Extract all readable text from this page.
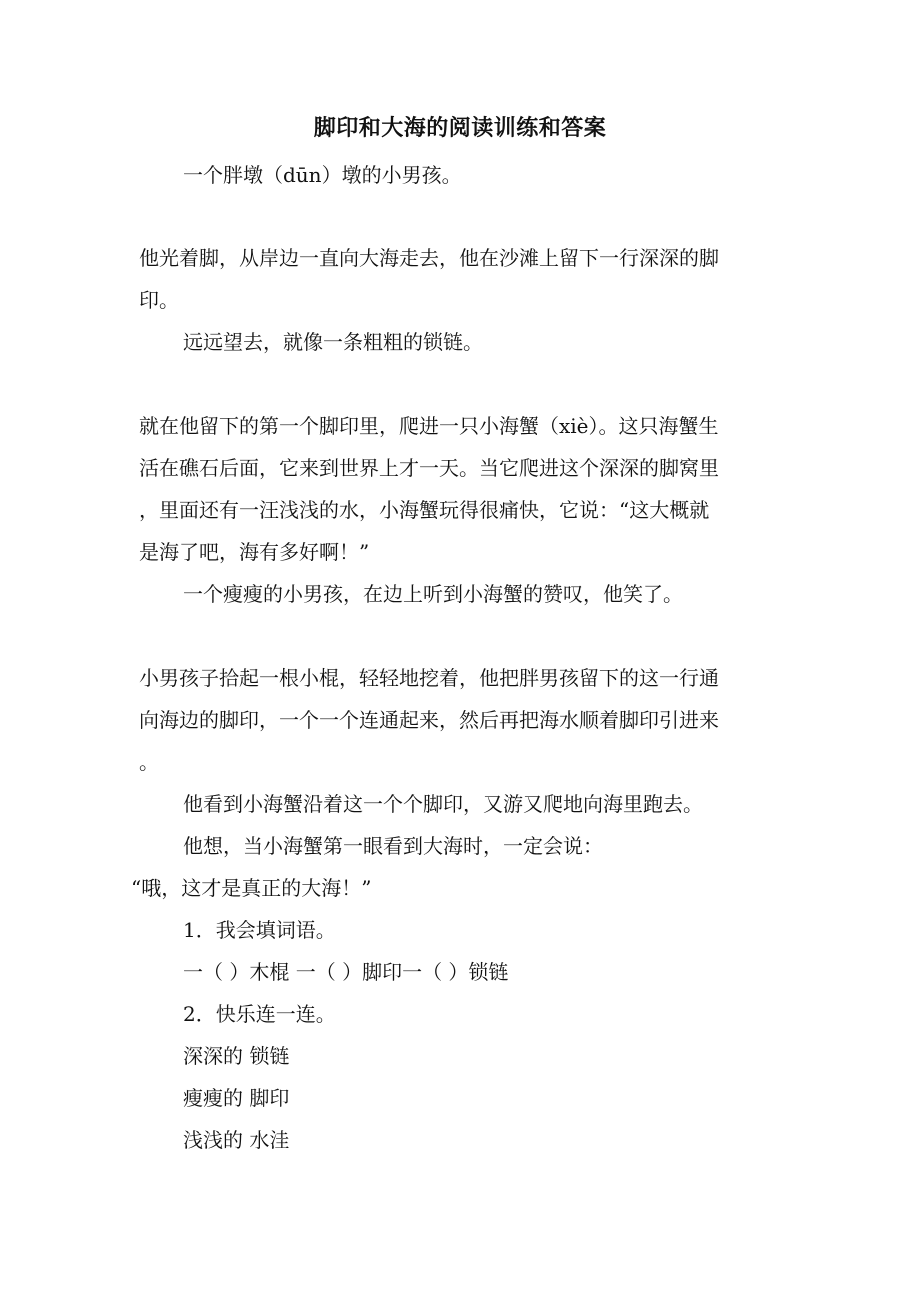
脚印和大海的阅读训练和答案
一个胖墩（dūn）墩的小男孩。
他光着脚，从岸边一直向大海走去，他在沙滩上留下一行深深的脚
印。
远远望去，就像一条粗粗的锁链。
就在他留下的第一个脚印里，爬进一只小海蟹（xiè）。这只海蟹生
活在礁石后面，它来到世界上才一天。当它爬进这个深深的脚窝里
，里面还有一汪浅浅的水，小海蟹玩得很痛快，它说：“这大概就
是海了吧，海有多好啊！”
一个瘦瘦的小男孩，在边上听到小海蟹的赞叹，他笑了。
小男孩子拾起一根小棍，轻轻地挖着，他把胖男孩留下的这一行通
向海边的脚印，一个一个连通起来，然后再把海水顺着脚印引进来
。
他看到小海蟹沿着这一个个脚印，又游又爬地向海里跑去。
他想，当小海蟹第一眼看到大海时，一定会说：
“哦，这才是真正的大海！”
1．我会填词语。
一（ ）木棍 一（ ）脚印一（ ）锁链
2．快乐连一连。
深深的 锁链
瘦瘦的 脚印
浅浅的 水洼
